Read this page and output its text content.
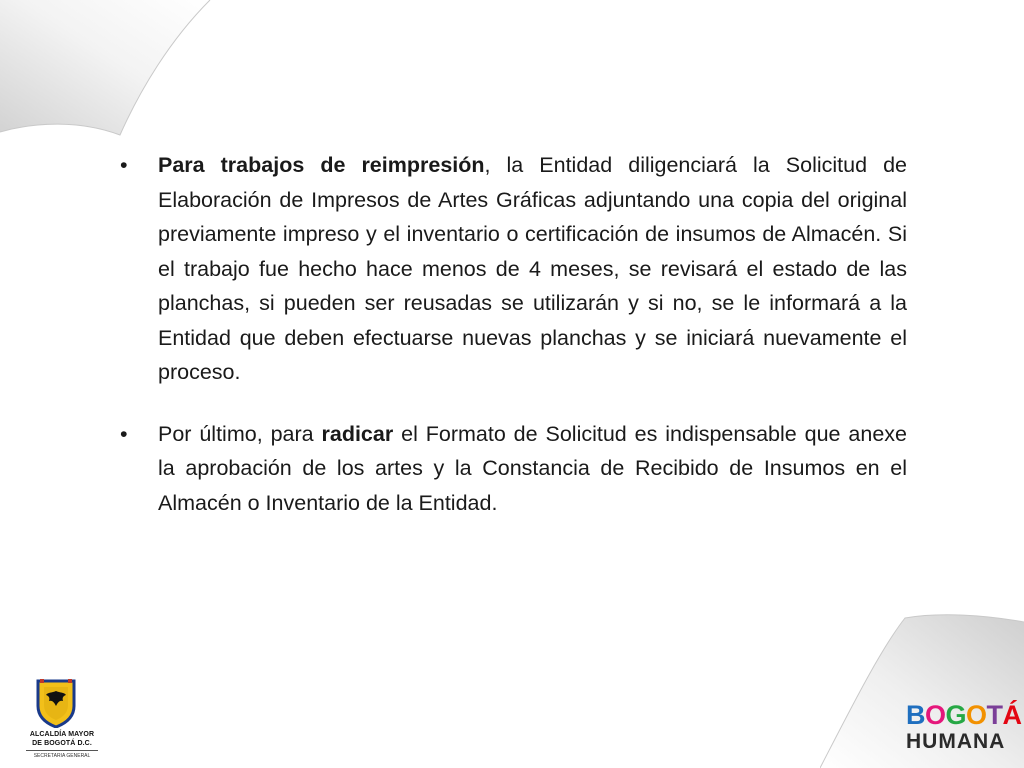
• Para trabajos de reimpresión, la Entidad diligenciará la Solicitud de Elaboración de Impresos de Artes Gráficas adjuntando una copia del original previamente impreso y el inventario o certificación de insumos de Almacén. Si el trabajo fue hecho hace menos de 4 meses, se revisará el estado de las planchas, si pueden ser reusadas se utilizarán y si no, se le informará a la Entidad que deben efectuarse nuevas planchas y se iniciará nuevamente el proceso.
• Por último, para radicar el Formato de Solicitud es indispensable que anexe la aprobación de los artes y la Constancia de Recibido de Insumos en el Almacén o Inventario de la Entidad.
ALCALDÍA MAYOR
DE BOGOTÁ D.C.
SECRETARIA GENERAL
BOGOTÁ
HUMANA
